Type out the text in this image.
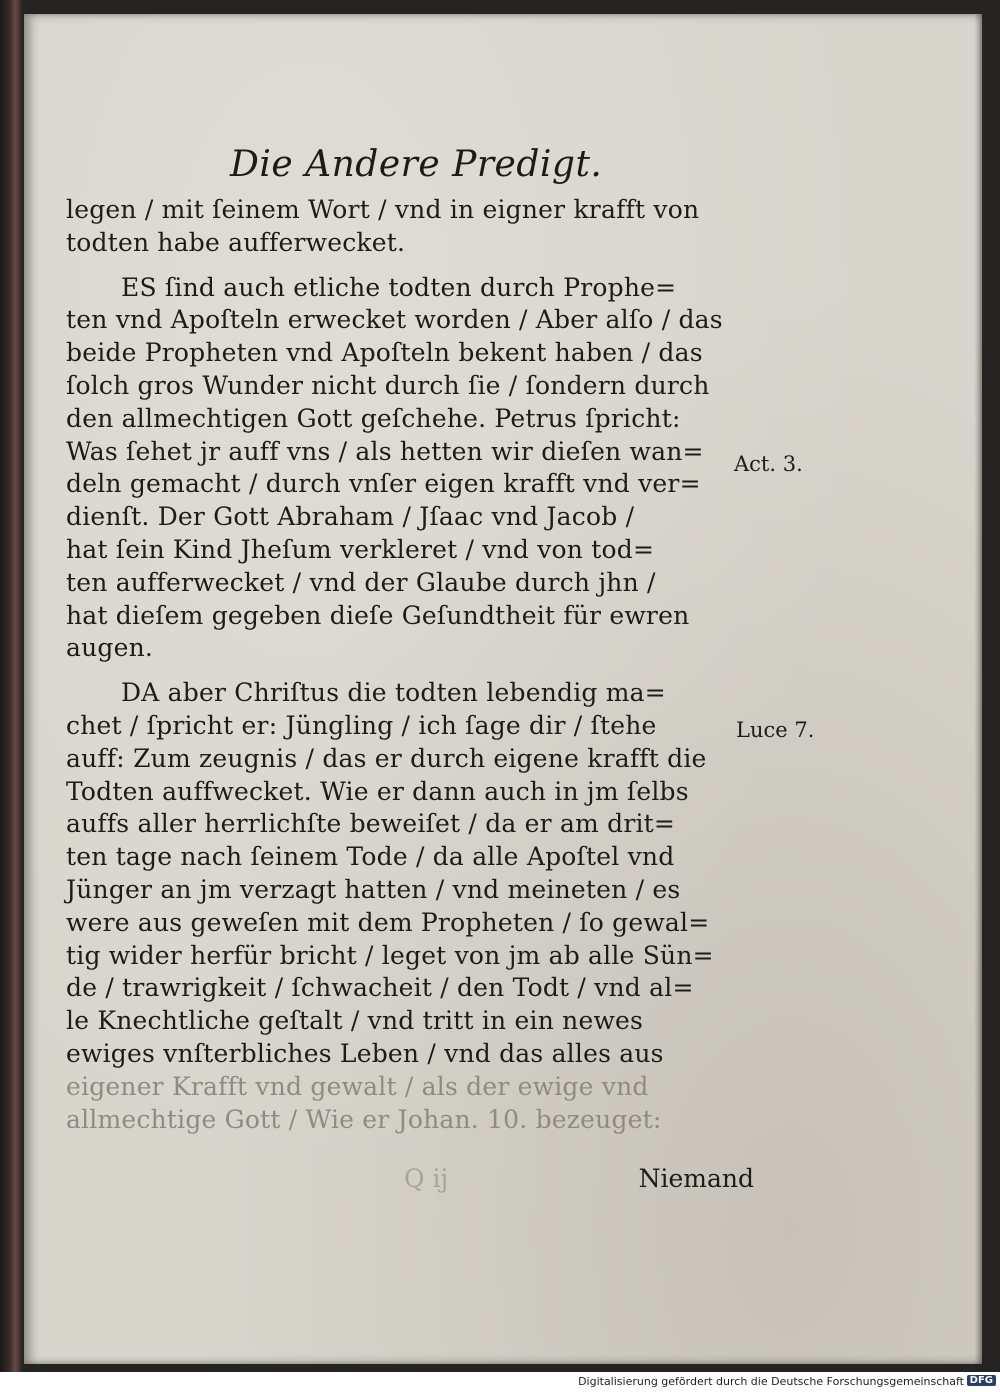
Die Andere Predigt.
legen / mit ſeinem Wort / vnd in eigner krafft von
todten habe aufferwecket.
ES ſind auch etliche todten durch Prophe=
ten vnd Apoſteln erwecket worden / Aber alſo / das
beide Propheten vnd Apoſteln bekent haben / das
ſolch gros Wunder nicht durch ſie / ſondern durch
den allmechtigen Gott geſchehe. Petrus ſpricht:
Was ſehet jr auff vns / als hetten wir dieſen wan=
deln gemacht / durch vnſer eigen krafft vnd ver=
dienſt. Der Gott Abraham / Jſaac vnd Jacob /
hat ſein Kind Jheſum verkleret / vnd von tod=
ten aufferwecket / vnd der Glaube durch jhn /
hat dieſem gegeben dieſe Geſundtheit für ewren
augen.
DA aber Chriſtus die todten lebendig ma=
chet / ſpricht er: Jüngling / ich ſage dir / ſtehe
auff: Zum zeugnis / das er durch eigene krafft die
Todten auffwecket. Wie er dann auch in jm ſelbs
auffs aller herrlichſte beweiſet / da er am drit=
ten tage nach ſeinem Tode / da alle Apoſtel vnd
Jünger an jm verzagt hatten / vnd meineten / es
were aus geweſen mit dem Propheten / ſo gewal=
tig wider herfür bricht / leget von jm ab alle Sün=
de / trawrigkeit / ſchwacheit / den Todt / vnd al=
le Knechtliche geſtalt / vnd tritt in ein newes
ewiges vnſterbliches Leben / vnd das alles aus
eigener Krafft vnd gewalt / als der ewige vnd
allmechtige Gott / Wie er Johan. 10. bezeuget:
Act. 3.
Luce 7.
Q ij	Niemand
Digitalisierung gefördert durch die Deutsche Forschungsgemeinschaft DFG
